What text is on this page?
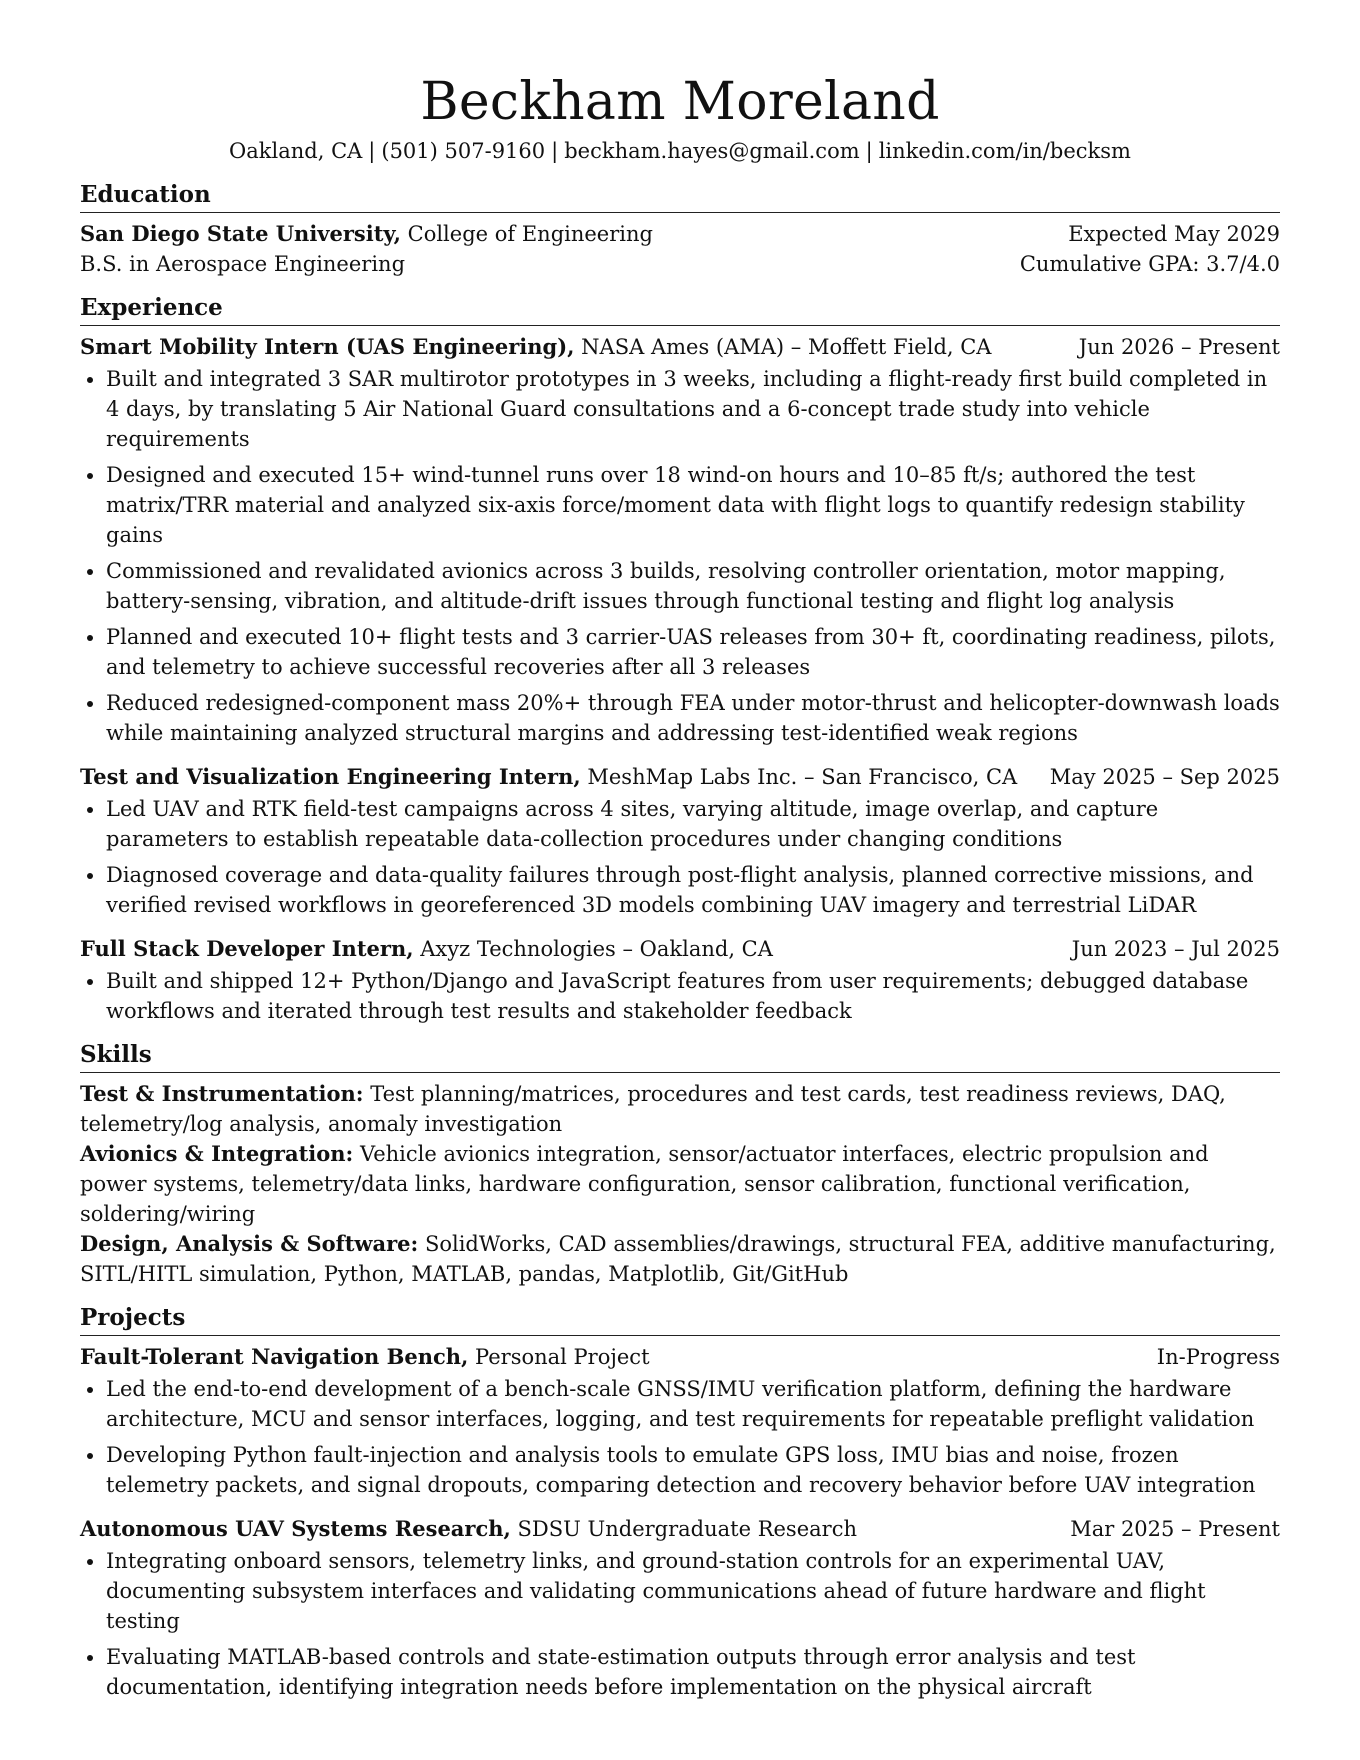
Beckham Moreland
Oakland, CA | (501) 507-9160 | beckham.hayes@gmail.com | linkedin.com/in/becksm
Education
San Diego State University, College of Engineering	Expected May 2029
B.S. in Aerospace Engineering	Cumulative GPA: 3.7/4.0
Experience
Smart Mobility Intern (UAS Engineering), NASA Ames (AMA) – Moffett Field, CA	Jun 2026 – Present
Built and integrated 3 SAR multirotor prototypes in 3 weeks, including a flight-ready first build completed in 4 days, by translating 5 Air National Guard consultations and a 6-concept trade study into vehicle requirements
Designed and executed 15+ wind-tunnel runs over 18 wind-on hours and 10–85 ft/s; authored the test matrix/TRR material and analyzed six-axis force/moment data with flight logs to quantify redesign stability gains
Commissioned and revalidated avionics across 3 builds, resolving controller orientation, motor mapping, battery-sensing, vibration, and altitude-drift issues through functional testing and flight log analysis
Planned and executed 10+ flight tests and 3 carrier-UAS releases from 30+ ft, coordinating readiness, pilots, and telemetry to achieve successful recoveries after all 3 releases
Reduced redesigned-component mass 20%+ through FEA under motor-thrust and helicopter-downwash loads while maintaining analyzed structural margins and addressing test-identified weak regions
Test and Visualization Engineering Intern, MeshMap Labs Inc. – San Francisco, CA May 2025 – Sep 2025
Led UAV and RTK field-test campaigns across 4 sites, varying altitude, image overlap, and capture parameters to establish repeatable data-collection procedures under changing conditions
Diagnosed coverage and data-quality failures through post-flight analysis, planned corrective missions, and verified revised workflows in georeferenced 3D models combining UAV imagery and terrestrial LiDAR
Full Stack Developer Intern, Axyz Technologies – Oakland, CA	Jun 2023 – Jul 2025
Built and shipped 12+ Python/Django and JavaScript features from user requirements; debugged database workflows and iterated through test results and stakeholder feedback
Skills
Test & Instrumentation: Test planning/matrices, procedures and test cards, test readiness reviews, DAQ, telemetry/log analysis, anomaly investigation
Avionics & Integration: Vehicle avionics integration, sensor/actuator interfaces, electric propulsion and power systems, telemetry/data links, hardware configuration, sensor calibration, functional verification, soldering/wiring
Design, Analysis & Software: SolidWorks, CAD assemblies/drawings, structural FEA, additive manufacturing, SITL/HITL simulation, Python, MATLAB, pandas, Matplotlib, Git/GitHub
Projects
Fault-Tolerant Navigation Bench, Personal Project	In-Progress
Led the end-to-end development of a bench-scale GNSS/IMU verification platform, defining the hardware architecture, MCU and sensor interfaces, logging, and test requirements for repeatable preflight validation
Developing Python fault-injection and analysis tools to emulate GPS loss, IMU bias and noise, frozen telemetry packets, and signal dropouts, comparing detection and recovery behavior before UAV integration
Autonomous UAV Systems Research, SDSU Undergraduate Research	Mar 2025 – Present
Integrating onboard sensors, telemetry links, and ground-station controls for an experimental UAV, documenting subsystem interfaces and validating communications ahead of future hardware and flight testing
Evaluating MATLAB-based controls and state-estimation outputs through error analysis and test documentation, identifying integration needs before implementation on the physical aircraft
